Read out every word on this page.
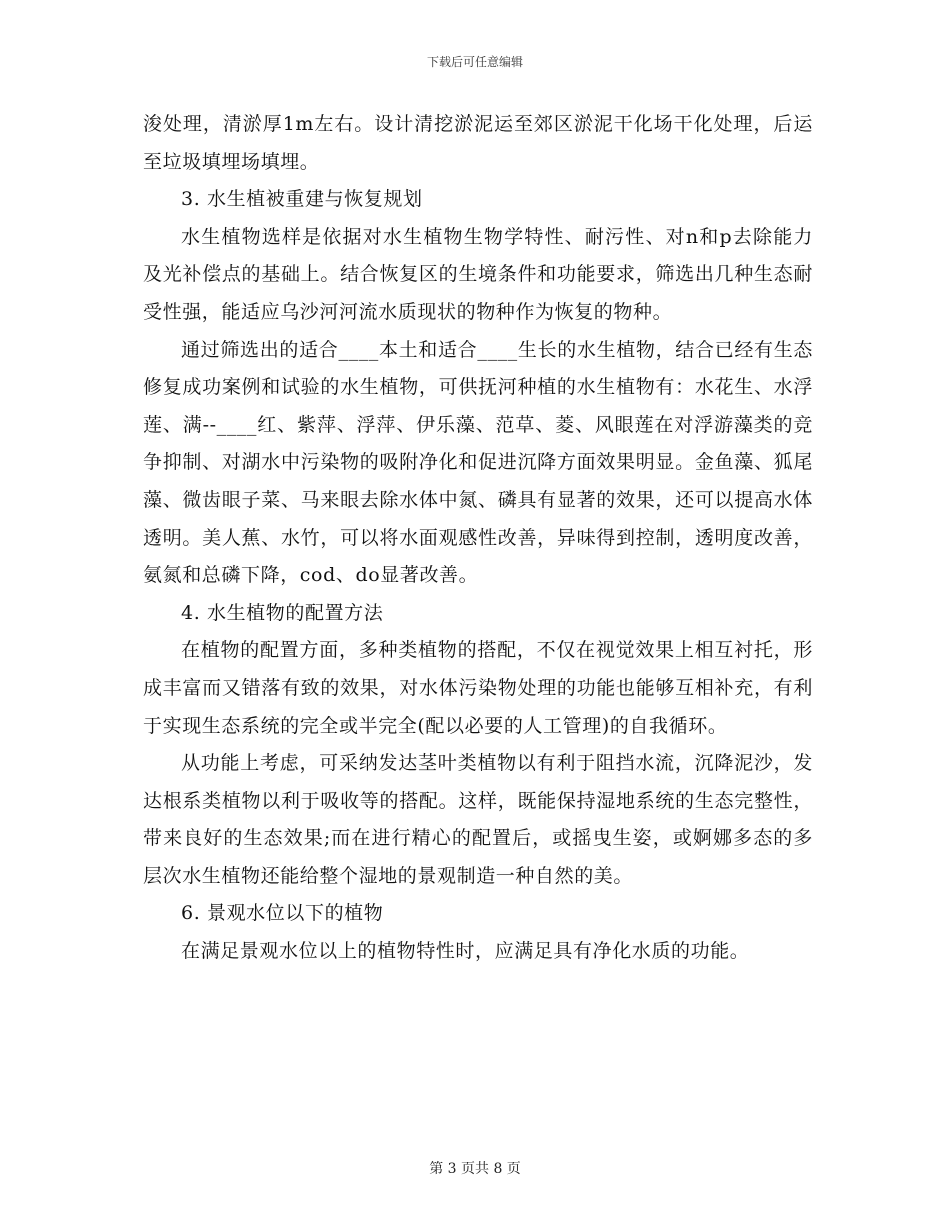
下载后可任意编辑

浚处理，清淤厚1m左右。设计清挖淤泥运至郊区淤泥干化场干化处理，后运至垃圾填埋场填埋。

3. 水生植被重建与恢复规划

水生植物选样是依据对水生植物生物学特性、耐污性、对n和p去除能力及光补偿点的基础上。结合恢复区的生境条件和功能要求，筛选出几种生态耐受性强，能适应乌沙河河流水质现状的物种作为恢复的物种。

通过筛选出的适合____本土和适合____生长的水生植物，结合已经有生态修复成功案例和试验的水生植物，可供抚河种植的水生植物有：水花生、水浮莲、满--____红、紫萍、浮萍、伊乐藻、范草、菱、风眼莲在对浮游藻类的竞争抑制、对湖水中污染物的吸附净化和促进沉降方面效果明显。金鱼藻、狐尾藻、微齿眼子菜、马来眼去除水体中氮、磷具有显著的效果，还可以提高水体透明。美人蕉、水竹，可以将水面观感性改善，异味得到控制，透明度改善，氨氮和总磷下降，cod、do显著改善。

4. 水生植物的配置方法

在植物的配置方面，多种类植物的搭配，不仅在视觉效果上相互衬托，形成丰富而又错落有致的效果，对水体污染物处理的功能也能够互相补充，有利于实现生态系统的完全或半完全(配以必要的人工管理)的自我循环。

从功能上考虑，可采纳发达茎叶类植物以有利于阻挡水流，沉降泥沙，发达根系类植物以利于吸收等的搭配。这样，既能保持湿地系统的生态完整性，带来良好的生态效果;而在进行精心的配置后，或摇曳生姿，或婀娜多态的多层次水生植物还能给整个湿地的景观制造一种自然的美。

6. 景观水位以下的植物

在满足景观水位以上的植物特性时，应满足具有净化水质的功能。

第 3 页共 8 页
